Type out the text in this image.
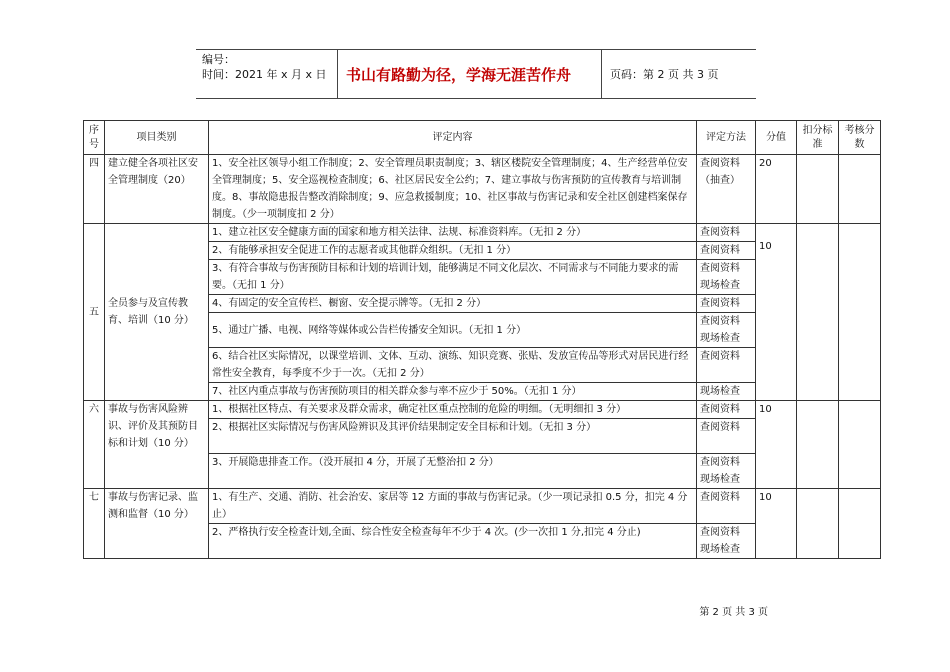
编号：
时间：2021 年 x 月 x 日 书山有路勤为径，学海无涯苦作舟	页码：第 2 页 共 3 页
序号	项目类别	评定内容	评定方法	分值	扣分标准	考核分数
四	建立健全各项社区安全管理制度（20）	1、安全社区领导小组工作制度；2、安全管理员职责制度；3、辖区楼院安全管理制度；4、生产经营单位安全管理制度；5、安全巡视检查制度；6、社区居民安全公约；7、建立事故与伤害预防的宣传教育与培训制度。8、事故隐患报告整改消除制度；9、应急救援制度；10、社区事故与伤害记录和安全社区创建档案保存制度。（少一项制度扣 2 分）	查阅资料（抽查）	20		
五	全员参与及宣传教育、培训（10 分）	1、建立社区安全健康方面的国家和地方相关法律、法规、标准资料库。（无扣 2 分）	查阅资料	10		
		2、有能够承担安全促进工作的志愿者或其他群众组织。（无扣 1 分）	查阅资料			
		3、有符合事故与伤害预防目标和计划的培训计划，能够满足不同文化层次、不同需求与不同能力要求的需要。（无扣 1 分）	查阅资料 现场检查			
		4、有固定的安全宣传栏、橱窗、安全提示牌等。（无扣 2 分）	查阅资料			
		5、通过广播、电视、网络等媒体或公告栏传播安全知识。（无扣 1 分）	查阅资料 现场检查			
		6、结合社区实际情况，以课堂培训、文体、互动、演练、知识竞赛、张贴、发放宣传品等形式对居民进行经常性安全教育，每季度不少于一次。（无扣 2 分）	查阅资料			
		7、社区内重点事故与伤害预防项目的相关群众参与率不应少于 50%。（无扣 1 分）	现场检查			
六	事故与伤害风险辨识、评价及其预防目标和计划（10 分）	1、根据社区特点、有关要求及群众需求，确定社区重点控制的危险的明细。（无明细扣 3 分）	查阅资料	10		
		2、根据社区实际情况与伤害风险辨识及其评价结果制定安全目标和计划。（无扣 3 分）	查阅资料			
		3、开展隐患排查工作。（没开展扣 4 分，开展了无整治扣 2 分）	查阅资料 现场检查			
七	事故与伤害记录、监测和监督（10 分）	1、有生产、交通、消防、社会治安、家居等 12 方面的事故与伤害记录。（少一项记录扣 0.5 分，扣完 4 分止）	查阅资料	10		
		2、严格执行安全检查计划,全面、综合性安全检查每年不少于 4 次。(少一次扣 1 分,扣完 4 分止)	查阅资料 现场检查			
第 2 页 共 3 页
